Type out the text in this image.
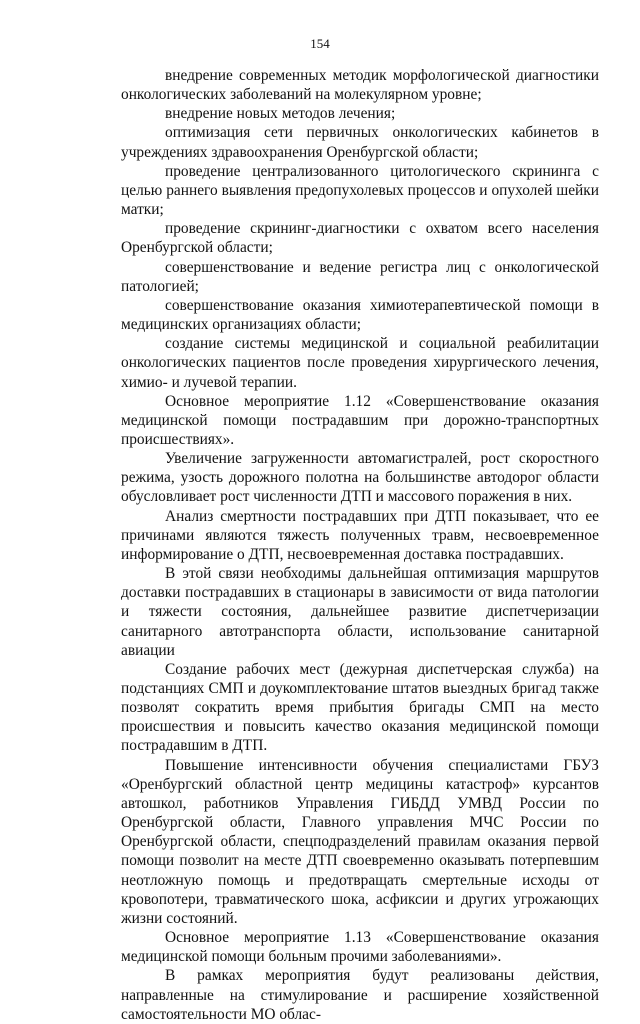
154

внедрение современных методик морфологической диагностики онкологических заболеваний на молекулярном уровне;

внедрение новых методов лечения;

оптимизация сети первичных онкологических кабинетов в учреждениях здравоохранения Оренбургской области;

проведение централизованного цитологического скрининга с целью раннего выявления предопухолевых процессов и опухолей шейки матки;

проведение скрининг-диагностики с охватом всего населения Оренбургской области;

совершенствование и ведение регистра лиц с онкологической патологией;

совершенствование оказания химиотерапевтической помощи в медицинских организациях области;

создание системы медицинской и социальной реабилитации онкологических пациентов после проведения хирургического лечения, химио- и лучевой терапии.

Основное мероприятие 1.12 «Совершенствование оказания медицинской помощи пострадавшим при дорожно-транспортных происшествиях».

Увеличение загруженности автомагистралей, рост скоростного режима, узость дорожного полотна на большинстве автодорог области обусловливает рост численности ДТП и массового поражения в них.

Анализ смертности пострадавших при ДТП показывает, что ее причинами являются тяжесть полученных травм, несвоевременное информирование о ДТП, несвоевременная доставка пострадавших.

В этой связи необходимы дальнейшая оптимизация маршрутов доставки пострадавших в стационары в зависимости от вида патологии и тяжести состояния, дальнейшее развитие диспетчеризации санитарного автотранспорта области, использование санитарной авиации

Создание рабочих мест (дежурная диспетчерская служба) на подстанциях СМП и доукомплектование штатов выездных бригад также позволят сократить время прибытия бригады СМП на место происшествия и повысить качество оказания медицинской помощи пострадавшим в ДТП.

Повышение интенсивности обучения специалистами ГБУЗ «Оренбургский областной центр медицины катастроф» курсантов автошкол, работников Управления ГИБДД УМВД России по Оренбургской области, Главного управления МЧС России по Оренбургской области, спецподразделений правилам оказания первой помощи позволит на месте ДТП своевременно оказывать потерпевшим неотложную помощь и предотвращать смертельные исходы от кровопотери, травматического шока, асфиксии и других угрожающих жизни состояний.

Основное мероприятие 1.13 «Совершенствование оказания медицинской помощи больным прочими заболеваниями».

В рамках мероприятия будут реализованы действия, направленные на стимулирование и расширение хозяйственной самостоятельности МО облас-
